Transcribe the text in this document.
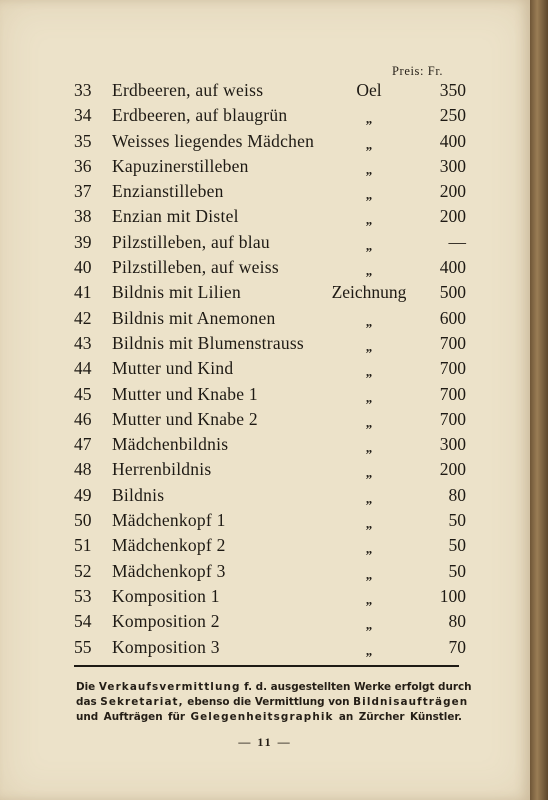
Preis: Fr.
33	Erdbeeren, auf weiss	Oel	350
34	Erdbeeren, auf blaugrün	„	250
35	Weisses liegendes Mädchen	„	400
36	Kapuzinerstilleben	„	300
37	Enzianstilleben	„	200
38	Enzian mit Distel	„	200
39	Pilzstilleben, auf blau	„	—
40	Pilzstilleben, auf weiss	„	400
41	Bildnis mit Lilien	Zeichnung	500
42	Bildnis mit Anemonen	„	600
43	Bildnis mit Blumenstrauss	„	700
44	Mutter und Kind	„	700
45	Mutter und Knabe 1	„	700
46	Mutter und Knabe 2	„	700
47	Mädchenbildnis	„	300
48	Herrenbildnis	„	200
49	Bildnis	„	80
50	Mädchenkopf 1	„	50
51	Mädchenkopf 2	„	50
52	Mädchenkopf 3	„	50
53	Komposition 1	„	100
54	Komposition 2	„	80
55	Komposition 3	„	70
Die Verkaufsvermittlung f. d. ausgestellten Werke erfolgt durch
das Sekretariat, ebenso die Vermittlung von Bildnisaufträgen
und Aufträgen für Gelegenheitsgraphik an Zürcher Künstler.
— 11 —
